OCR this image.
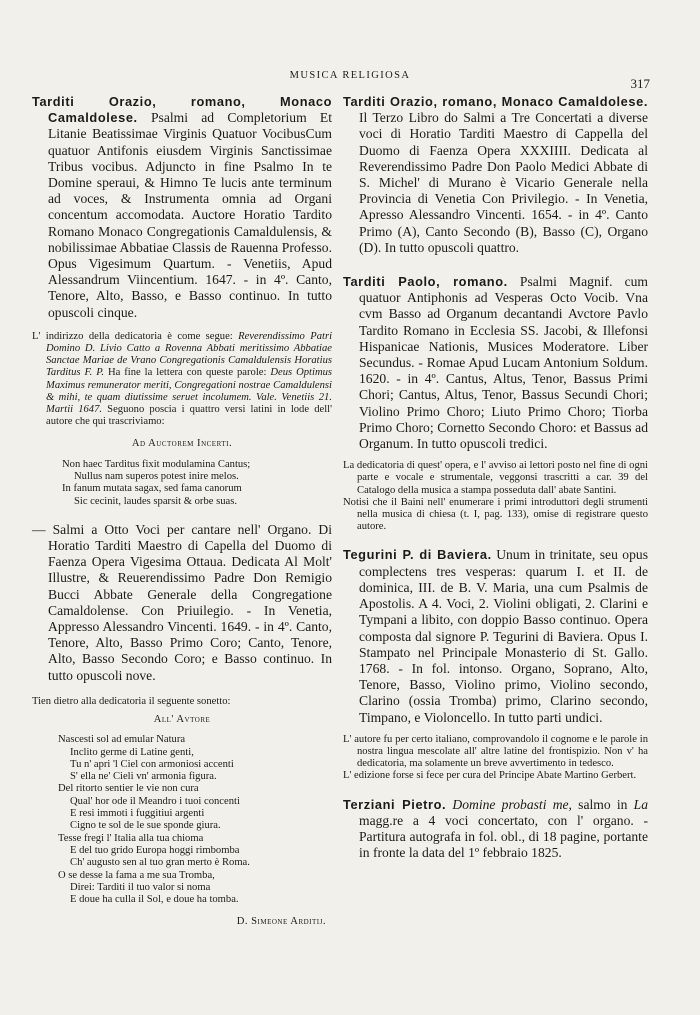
MUSICA RELIGIOSA
317

Tarditi Orazio, romano, Monaco Camaldolese. Psalmi ad Completorium Et Litanie Beatissimae Virginis Quatuor VocibusCum quatuor Antifonis eiusdem Virginis Sanctissimae Tribus vocibus. Adjuncto in fine Psalmo In te Domine speraui, & Himno Te lucis ante terminum ad voces, & Instrumenta omnia ad Organi concentum accomodata. Auctore Horatio Tardito Romano Monaco Congregationis Camaldulensis, & nobilissimae Abbatiae Classis de Rauenna Professo. Opus Vigesimum Quartum. - Venetiis, Apud Alessandrum Viincentium. 1647. - in 4º. Canto, Tenore, Alto, Basso, e Basso continuo. In tutto opuscoli cinque.

L' indirizzo della dedicatoria è come segue: Reverendissimo Patri Domino D. Livio Catto a Rovenna Abbati meritissimo Abbatiae Sanctae Mariae de Vrano Congregationis Camaldulensis Horatius Tarditus F. P. Ha fine la lettera con queste parole: Deus Optimus Maximus remunerator meriti, Congregationi nostrae Camaldulensi & mihi, te quam diutissime seruet incolumem. Vale. Venetiis 21. Martii 1647. Seguono poscia i quattro versi latini in lode dell' autore che qui trascriviamo:

Ad Auctorem Incerti.

Non haec Tarditus fixit modulamina Cantus;
Nullus nam superos potest inire melos.
In fanum mutata sagax, sed fama canorum
Sic cecinit, laudes sparsit & orbe suas.

— Salmi a Otto Voci per cantare nell' Organo. Di Horatio Tarditi Maestro di Capella del Duomo di Faenza Opera Vigesima Ottaua. Dedicata Al Molt' Illustre, & Reuerendissimo Padre Don Remigio Bucci Abbate Generale della Congregatione Camaldolense. Con Priuilegio. - In Venetia, Appresso Alessandro Vincenti. 1649. - in 4º. Canto, Tenore, Alto, Basso Primo Coro; Canto, Tenore, Alto, Basso Secondo Coro; e Basso continuo. In tutto opuscoli nove.

Tien dietro alla dedicatoria il seguente sonetto:

All' Avtore

Nascesti sol ad emular Natura
Inclito germe di Latine genti,
Tu n' apri 'l Ciel con armoniosi accenti
S' ella ne' Cieli vn' armonia figura.
Del ritorto sentier le vie non cura
Qual' hor ode il Meandro i tuoi concenti
E resi immoti i fuggitiui argenti
Cigno te sol de le sue sponde giura.
Tesse fregi l' Italia alla tua chioma
E del tuo grido Europa hoggi rimbomba
Ch' augusto sen al tuo gran merto è Roma.
O se desse la fama a me sua Tromba,
Direi: Tarditi il tuo valor si noma
E doue ha culla il Sol, e doue ha tomba.

D. Simeone Arditij.

Tarditi Orazio, romano, Monaco Camaldolese. Il Terzo Libro do Salmi a Tre Concertati a diverse voci di Horatio Tarditi Maestro di Cappella del Duomo di Faenza Opera XXXIIII. Dedicata al Reverendissimo Padre Don Paolo Medici Abbate di S. Michel' di Murano è Vicario Generale nella Provincia di Venetia Con Privilegio. - In Venetia, Apresso Alessandro Vincenti. 1654. - in 4º. Canto Primo (A), Canto Secondo (B), Basso (C), Organo (D). In tutto opuscoli quattro.

Tarditi Paolo, romano. Psalmi Magnif. cum quatuor Antiphonis ad Vesperas Octo Vocib. Vna cvm Basso ad Organum decantandi Avctore Pavlo Tardito Romano in Ecclesia SS. Jacobi, & Illefonsi Hispanicae Nationis, Musices Moderatore. Liber Secundus. - Romae Apud Lucam Antonium Soldum. 1620. - in 4º. Cantus, Altus, Tenor, Bassus Primi Chori; Cantus, Altus, Tenor, Bassus Secundi Chori; Violino Primo Choro; Liuto Primo Choro; Tiorba Primo Choro; Cornetto Secondo Choro: et Bassus ad Organum. In tutto opuscoli tredici.

La dedicatoria di quest' opera, e l' avviso ai lettori posto nel fine di ogni parte e vocale e strumentale, veggonsi trascritti a car. 39 del Catalogo della musica a stampa posseduta dall' abate Santini.

Notisi che il Baini nell' enumerare i primi introduttori degli strumenti nella musica di chiesa (t. I, pag. 133), omise di registrare questo autore.

Tegurini P. di Baviera. Unum in trinitate, seu opus complectens tres vesperas: quarum I. et II. de dominica, III. de B. V. Maria, una cum Psalmis de Apostolis. A 4. Voci, 2. Violini obligati, 2. Clarini e Tympani a libito, con doppio Basso continuo. Opera composta dal signore P. Tegurini di Baviera. Opus I. Stampato nel Principale Monasterio di St. Gallo. 1768. - In fol. intonso. Organo, Soprano, Alto, Tenore, Basso, Violino primo, Violino secondo, Clarino (ossia Tromba) primo, Clarino secondo, Timpano, e Violoncello. In tutto parti undici.

L' autore fu per certo italiano, comprovandolo il cognome e le parole in nostra lingua mescolate all' altre latine del frontispizio. Non v' ha dedicatoria, ma solamente un breve avvertimento in tedesco.

L' edizione forse si fece per cura del Principe Abate Martino Gerbert.

Terziani Pietro. Domine probasti me, salmo in La magg.re a 4 voci concertato, con l' organo. - Partitura autografa in fol. obl., di 18 pagine, portante in fronte la data del 1º febbraio 1825.
